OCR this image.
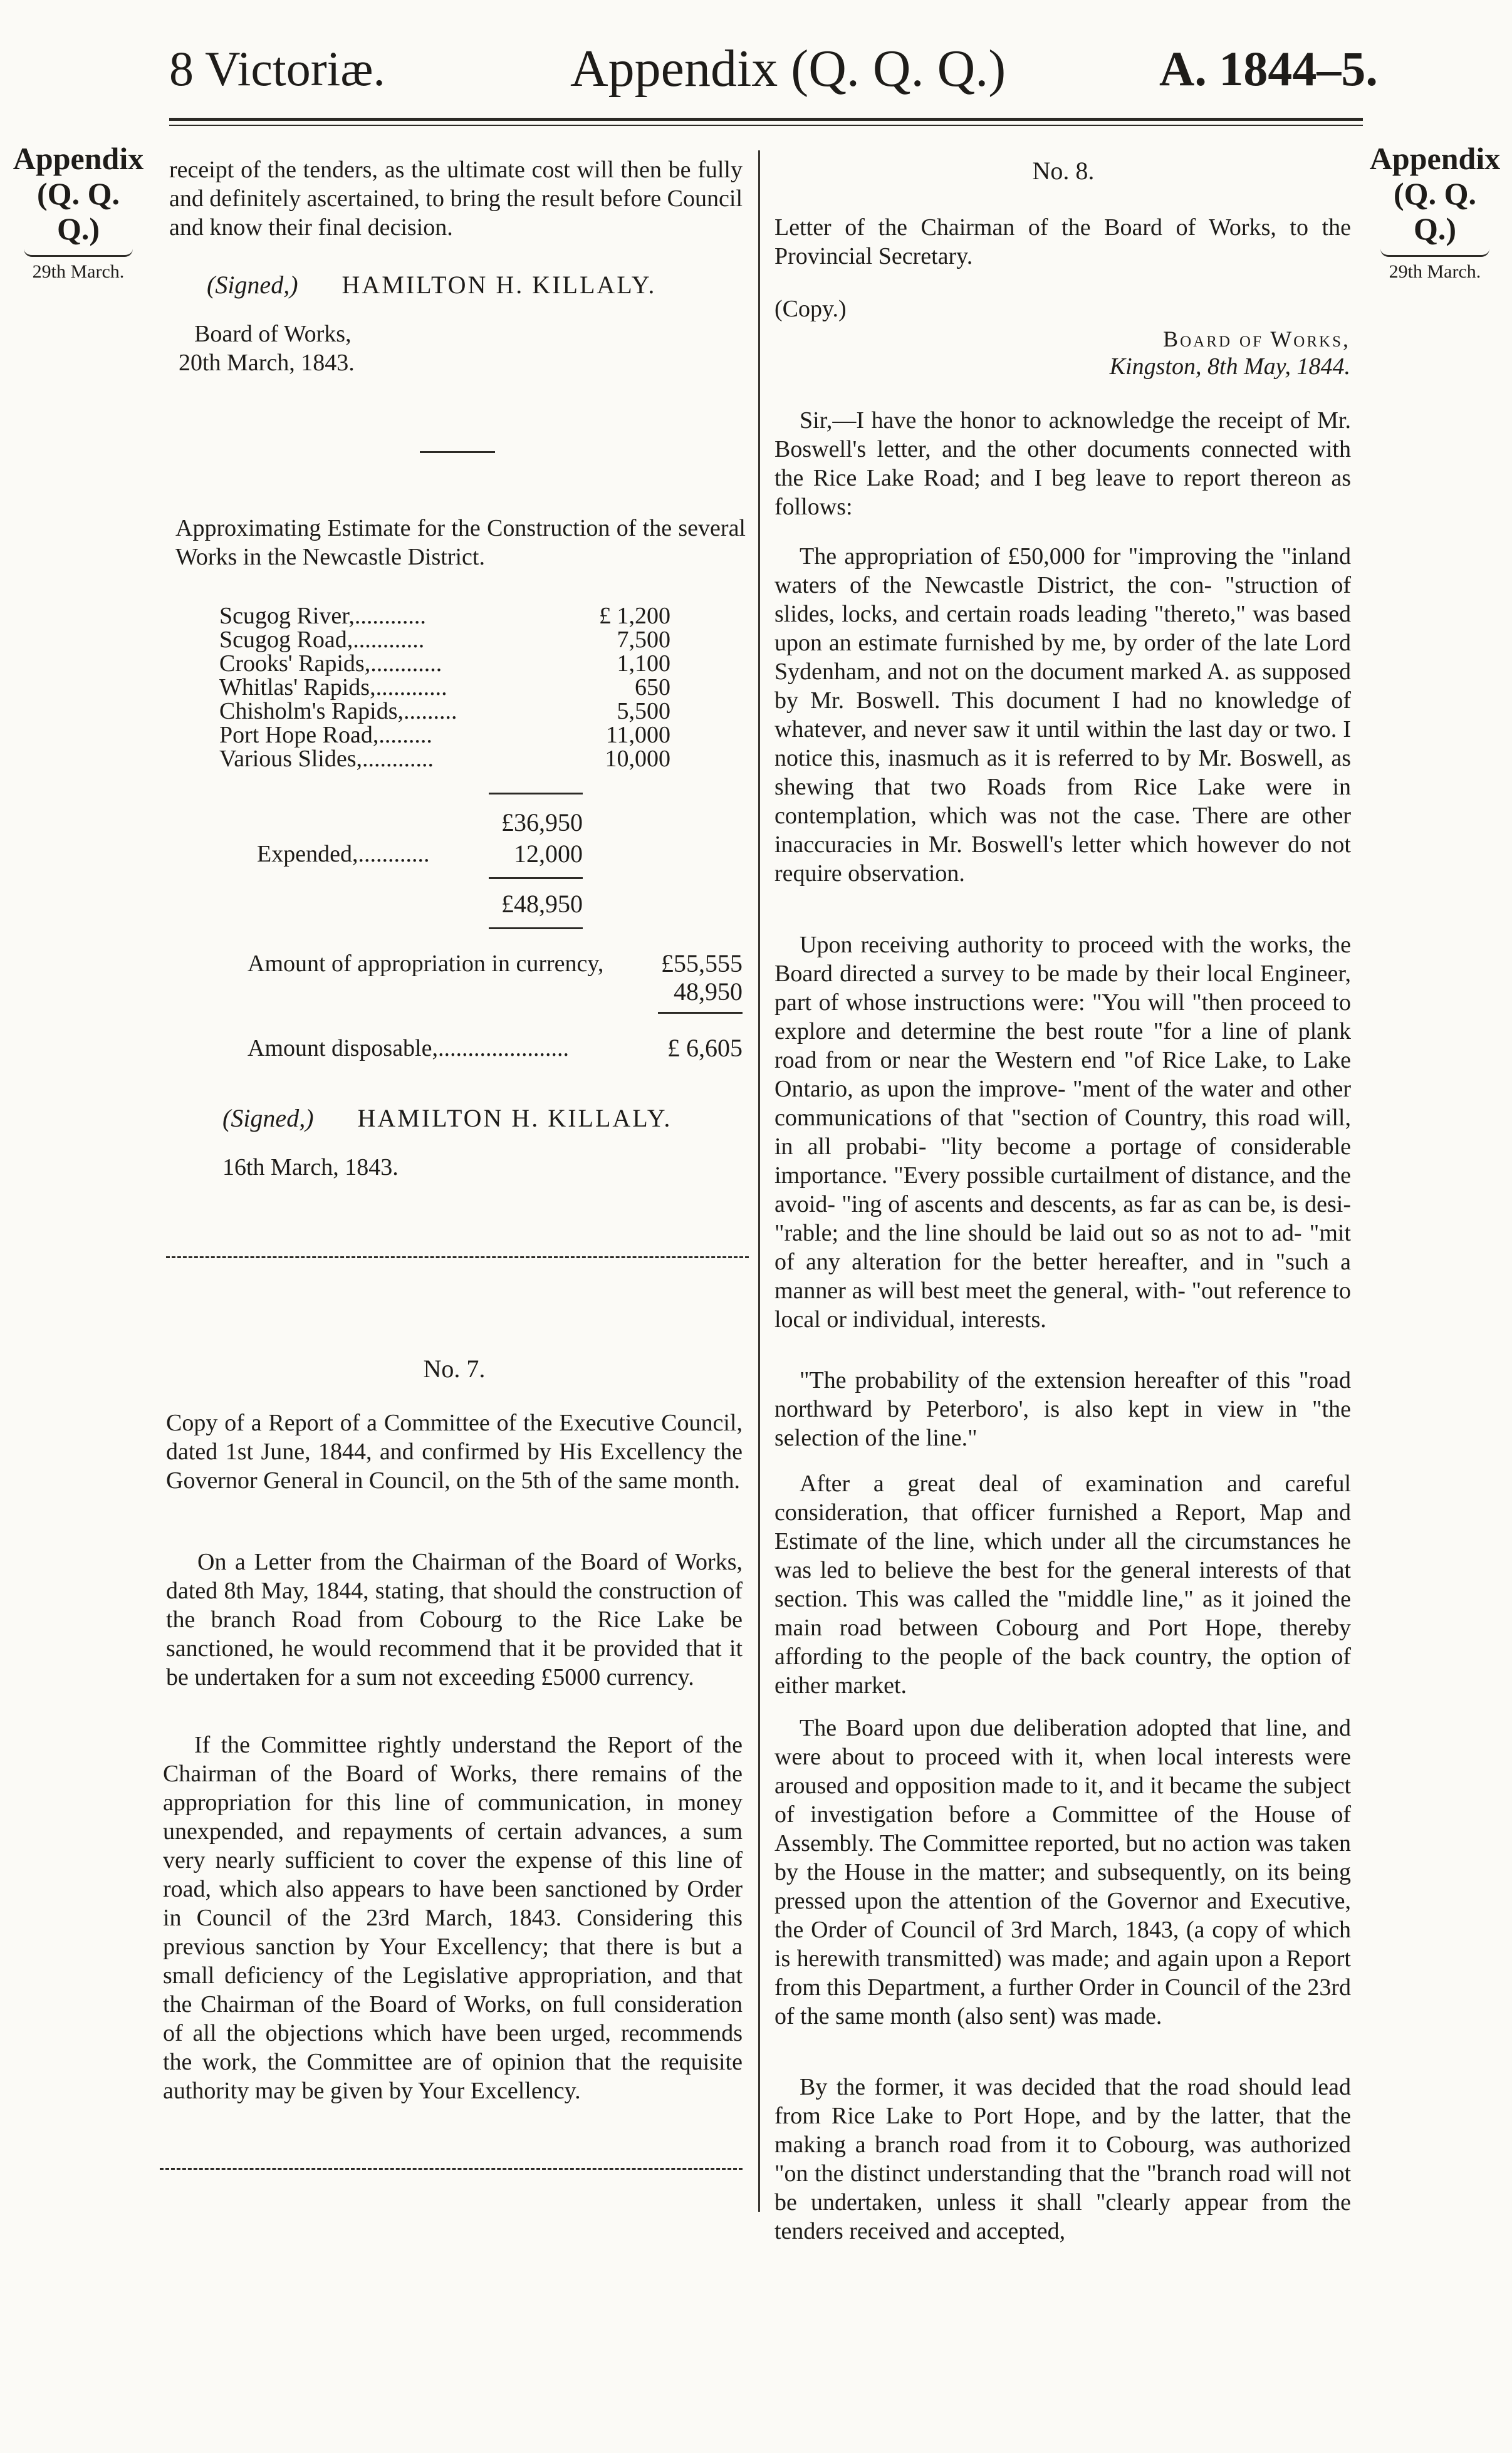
8 Victoriæ.	Appendix (Q. Q. Q.)	A. 1844–5.
Appendix (Q. Q. Q.)
29th March.
Appendix (Q. Q. Q.)
29th March.
receipt of the tenders, as the ultimate cost will then be fully and definitely ascertained, to bring the result before Council and know their final decision.
(Signed,) HAMILTON H. KILLALY.
Board of Works,
20th March, 1843.
Approximating Estimate for the Construction of the several Works in the Newcastle District.
Scugog River,............	£ 1,200
Scugog Road,............	7,500
Crooks' Rapids,............	1,100
Whitlas' Rapids,............	650
Chisholm's Rapids,.........	5,500
Port Hope Road,.........	11,000
Various Slides,............	10,000
£36,950
Expended,............	12,000
£48,950
Amount of appropriation in currency,	£55,555
48,950
Amount disposable,......................	£ 6,605
(Signed,) HAMILTON H. KILLALY.
16th March, 1843.
No. 7.
Copy of a Report of a Committee of the Executive Council, dated 1st June, 1844, and confirmed by His Excellency the Governor General in Council, on the 5th of the same month.
On a Letter from the Chairman of the Board of Works, dated 8th May, 1844, stating, that should the construction of the branch Road from Cobourg to the Rice Lake be sanctioned, he would recommend that it be provided that it be undertaken for a sum not exceeding £5000 currency.
If the Committee rightly understand the Report of the Chairman of the Board of Works, there remains of the appropriation for this line of communication, in money unexpended, and repayments of certain advances, a sum very nearly sufficient to cover the expense of this line of road, which also appears to have been sanctioned by Order in Council of the 23rd March, 1843. Considering this previous sanction by Your Excellency; that there is but a small deficiency of the Legislative appropriation, and that the Chairman of the Board of Works, on full consideration of all the objections which have been urged, recommends the work, the Committee are of opinion that the requisite authority may be given by Your Excellency.
No. 8.
Letter of the Chairman of the Board of Works, to the Provincial Secretary.
(Copy.)
Board of Works,
Kingston, 8th May, 1844.
Sir,—I have the honor to acknowledge the receipt of Mr. Boswell's letter, and the other documents connected with the Rice Lake Road; and I beg leave to report thereon as follows:
The appropriation of £50,000 for "improving the "inland waters of the Newcastle District, the con- "struction of slides, locks, and certain roads leading "thereto," was based upon an estimate furnished by me, by order of the late Lord Sydenham, and not on the document marked A. as supposed by Mr. Boswell. This document I had no knowledge of whatever, and never saw it until within the last day or two. I notice this, inasmuch as it is referred to by Mr. Boswell, as shewing that two Roads from Rice Lake were in contemplation, which was not the case. There are other inaccuracies in Mr. Boswell's letter which however do not require observation.
Upon receiving authority to proceed with the works, the Board directed a survey to be made by their local Engineer, part of whose instructions were: "You will "then proceed to explore and determine the best route "for a line of plank road from or near the Western end "of Rice Lake, to Lake Ontario, as upon the improve- "ment of the water and other communications of that "section of Country, this road will, in all probabi- "lity become a portage of considerable importance. "Every possible curtailment of distance, and the avoid- "ing of ascents and descents, as far as can be, is desi- "rable; and the line should be laid out so as not to ad- "mit of any alteration for the better hereafter, and in "such a manner as will best meet the general, with- "out reference to local or individual, interests.
"The probability of the extension hereafter of this "road northward by Peterboro', is also kept in view in "the selection of the line."
After a great deal of examination and careful consideration, that officer furnished a Report, Map and Estimate of the line, which under all the circumstances he was led to believe the best for the general interests of that section. This was called the "middle line," as it joined the main road between Cobourg and Port Hope, thereby affording to the people of the back country, the option of either market.
The Board upon due deliberation adopted that line, and were about to proceed with it, when local interests were aroused and opposition made to it, and it became the subject of investigation before a Committee of the House of Assembly. The Committee reported, but no action was taken by the House in the matter; and subsequently, on its being pressed upon the attention of the Governor and Executive, the Order of Council of 3rd March, 1843, (a copy of which is herewith transmitted) was made; and again upon a Report from this Department, a further Order in Council of the 23rd of the same month (also sent) was made.
By the former, it was decided that the road should lead from Rice Lake to Port Hope, and by the latter, that the making a branch road from it to Cobourg, was authorized "on the distinct understanding that the "branch road will not be undertaken, unless it shall "clearly appear from the tenders received and accepted,
